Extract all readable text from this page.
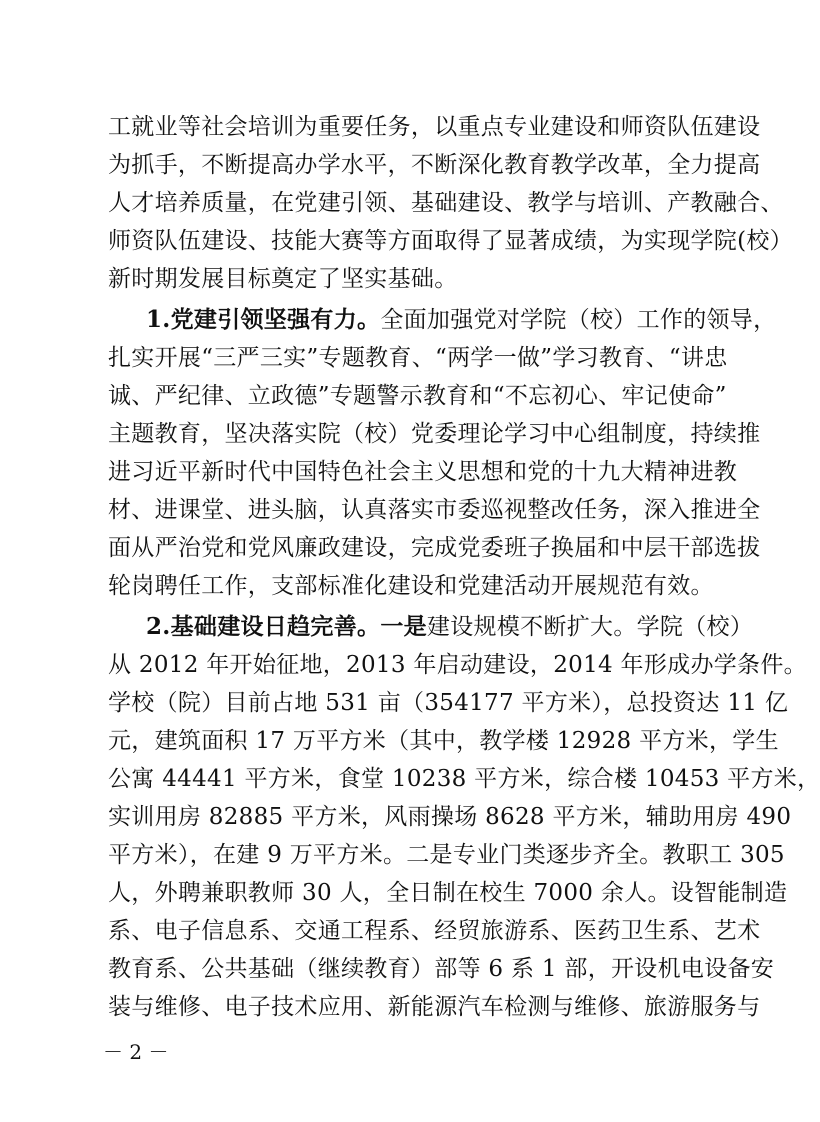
工就业等社会培训为重要任务，以重点专业建设和师资队伍建设
为抓手，不断提高办学水平，不断深化教育教学改革，全力提高
人才培养质量，在党建引领、基础建设、教学与培训、产教融合、
师资队伍建设、技能大赛等方面取得了显著成绩，为实现学院(校）
新时期发展目标奠定了坚实基础。
1.党建引领坚强有力。全面加强党对学院（校）工作的领导，
扎实开展“三严三实”专题教育、“两学一做”学习教育、“讲忠
诚、严纪律、立政德”专题警示教育和“不忘初心、牢记使命”
主题教育，坚决落实院（校）党委理论学习中心组制度，持续推
进习近平新时代中国特色社会主义思想和党的十九大精神进教
材、进课堂、进头脑，认真落实市委巡视整改任务，深入推进全
面从严治党和党风廉政建设，完成党委班子换届和中层干部选拔
轮岗聘任工作，支部标准化建设和党建活动开展规范有效。
2.基础建设日趋完善。一是建设规模不断扩大。学院（校）
从 2012 年开始征地，2013 年启动建设，2014 年形成办学条件。
学校（院）目前占地 531 亩（354177 平方米），总投资达 11 亿
元，建筑面积 17 万平方米（其中，教学楼 12928 平方米，学生
公寓 44441 平方米，食堂 10238 平方米，综合楼 10453 平方米，
实训用房 82885 平方米，风雨操场 8628 平方米，辅助用房 490
平方米），在建 9 万平方米。二是专业门类逐步齐全。教职工 305
人，外聘兼职教师 30 人，全日制在校生 7000 余人。设智能制造
系、电子信息系、交通工程系、经贸旅游系、医药卫生系、艺术
教育系、公共基础（继续教育）部等 6 系 1 部，开设机电设备安
装与维修、电子技术应用、新能源汽车检测与维修、旅游服务与
－ 2 －
